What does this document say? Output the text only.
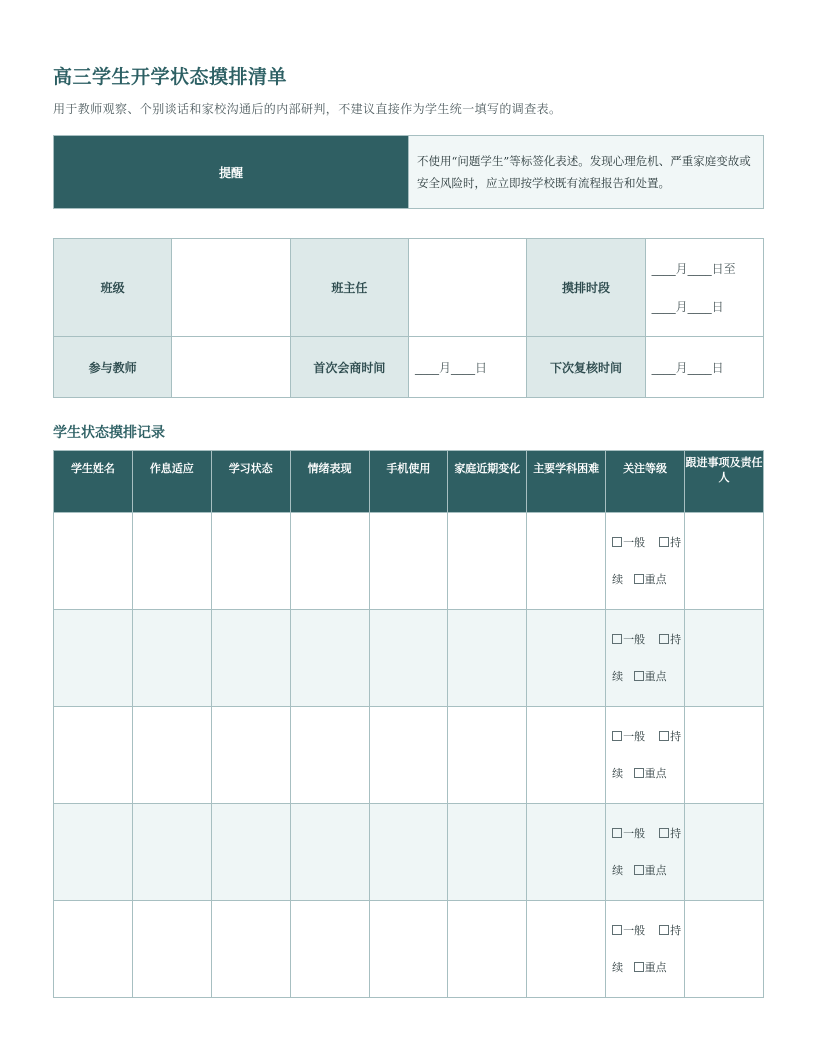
高三学生开学状态摸排清单

用于教师观察、个别谈话和家校沟通后的内部研判，不建议直接作为学生统一填写的调查表。

提醒	不使用“问题学生”等标签化表述。发现心理危机、严重家庭变故或安全风险时，应立即按学校既有流程报告和处置。
班级		班主任		摸排时段	____月____日至
____月____日

参与教师		首次会商时间	____月____日	下次复核时间	____月____日
学生状态摸排记录
学生姓名	作息适应	学习状态	情绪表现	手机使用	家庭近期变化	主要学科困难	关注等级	跟进事项及责任人

							一般 持
续 重点	

							一般 持
续 重点	

							一般 持
续 重点	

							一般 持
续 重点	

							一般 持
续 重点	
